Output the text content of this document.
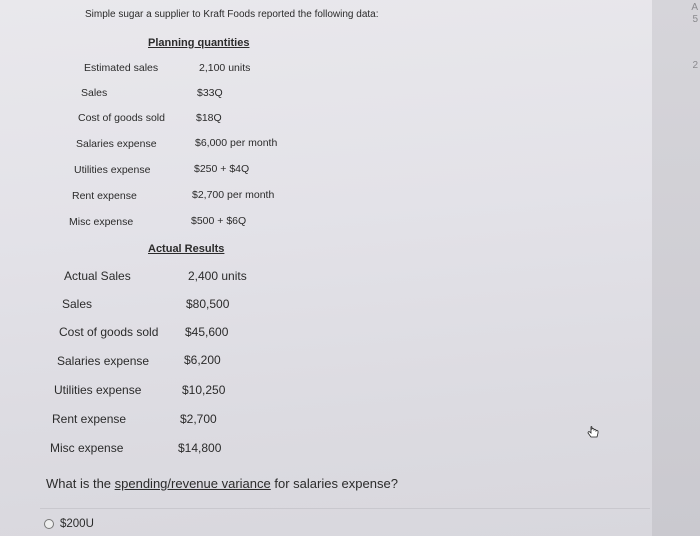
A
5
2
Simple sugar a supplier to Kraft Foods reported the following data:
Planning quantities
Estimated sales	2,100 units
Sales	$33Q
Cost of goods sold	$18Q
Salaries expense	$6,000 per month
Utilities expense	$250 + $4Q
Rent expense	$2,700 per month
Misc expense	$500 + $6Q
Actual Results
Actual Sales	2,400 units
Sales	$80,500
Cost of goods sold $45,600
Salaries expense	$6,200
Utilities expense	$10,250
Rent expense	$2,700
Misc expense	$14,800
What is the spending/revenue variance for salaries expense?
$200U
